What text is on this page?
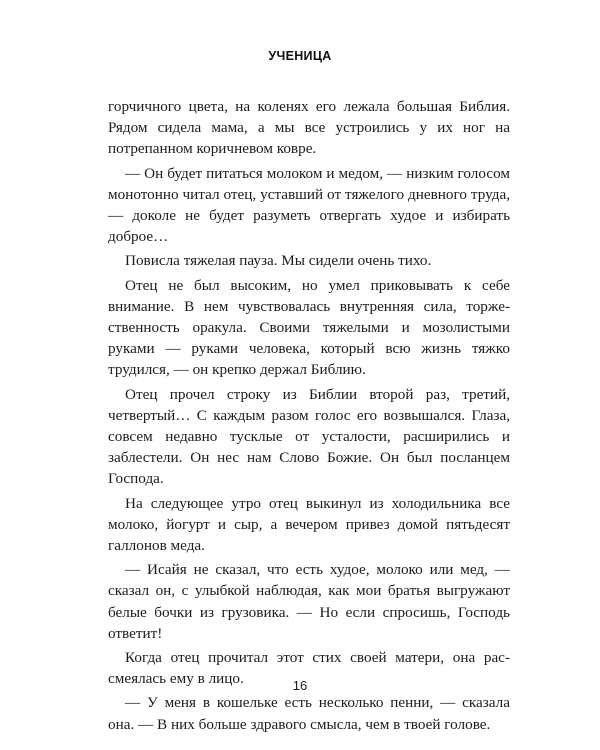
УЧЕНИЦА

горчичного цвета, на коленях его лежала большая Библия. Рядом сидела мама, а мы все устроились у их ног на потрепанном коричневом ковре.

— Он будет питаться молоком и медом, — низким голосом монотонно читал отец, уставший от тяжелого дневного труда, — доколе не будет разуметь отвергать худое и избирать доброе…

Повисла тяжелая пауза. Мы сидели очень тихо.

Отец не был высоким, но умел приковывать к себе внимание. В нем чувствовалась внутренняя сила, торжественность оракула. Своими тяжелыми и мозолистыми руками — руками человека, который всю жизнь тяжко трудился, — он крепко держал Библию.

Отец прочел строку из Библии второй раз, третий, четвертый… С каждым разом голос его возвышался. Глаза, совсем недавно тусклые от усталости, расширились и заблестели. Он нес нам Слово Божие. Он был посланцем Господа.

На следующее утро отец выкинул из холодильника все молоко, йогурт и сыр, а вечером привез домой пятьдесят галлонов меда.

— Исайя не сказал, что есть худое, молоко или мед, — сказал он, с улыбкой наблюдая, как мои братья выгружают белые бочки из грузовика. — Но если спросишь, Господь ответит!

Когда отец прочитал этот стих своей матери, она рассмеялась ему в лицо.

— У меня в кошельке есть несколько пенни, — сказала она. — В них больше здравого смысла, чем в твоей голове.

16
